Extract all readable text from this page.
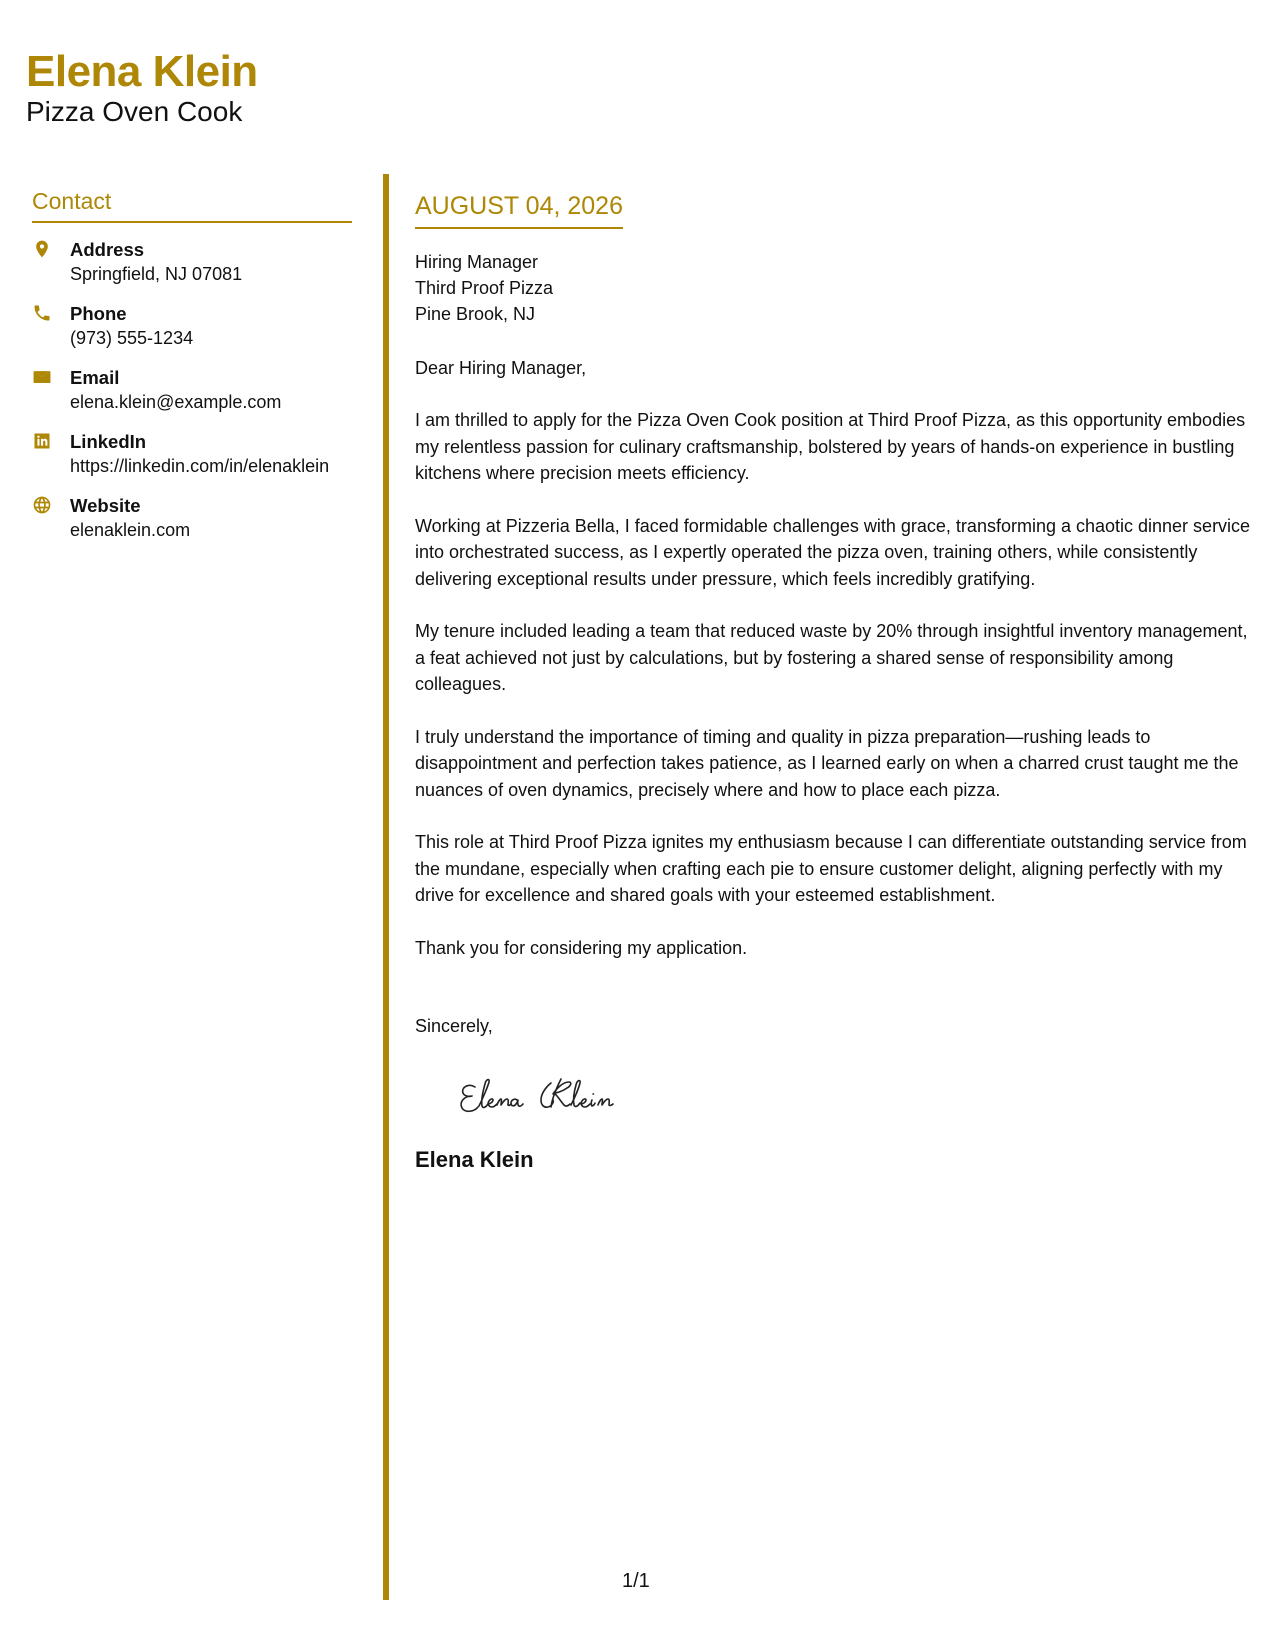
Elena Klein
Pizza Oven Cook
Contact
Address
Springfield, NJ 07081
Phone
(973) 555-1234
Email
elena.klein@example.com
LinkedIn
https://linkedin.com/in/elenaklein
Website
elenaklein.com
AUGUST 04, 2026
Hiring Manager
Third Proof Pizza
Pine Brook, NJ
Dear Hiring Manager,
I am thrilled to apply for the Pizza Oven Cook position at Third Proof Pizza, as this opportunity embodies my relentless passion for culinary craftsmanship, bolstered by years of hands-on experience in bustling kitchens where precision meets efficiency.
Working at Pizzeria Bella, I faced formidable challenges with grace, transforming a chaotic dinner service into orchestrated success, as I expertly operated the pizza oven, training others, while consistently delivering exceptional results under pressure, which feels incredibly gratifying.
My tenure included leading a team that reduced waste by 20% through insightful inventory management, a feat achieved not just by calculations, but by fostering a shared sense of responsibility among colleagues.
I truly understand the importance of timing and quality in pizza preparation—rushing leads to disappointment and perfection takes patience, as I learned early on when a charred crust taught me the nuances of oven dynamics, precisely where and how to place each pizza.
This role at Third Proof Pizza ignites my enthusiasm because I can differentiate outstanding service from the mundane, especially when crafting each pie to ensure customer delight, aligning perfectly with my drive for excellence and shared goals with your esteemed establishment.
Thank you for considering my application.
Sincerely,
Elena Klein
1/1
